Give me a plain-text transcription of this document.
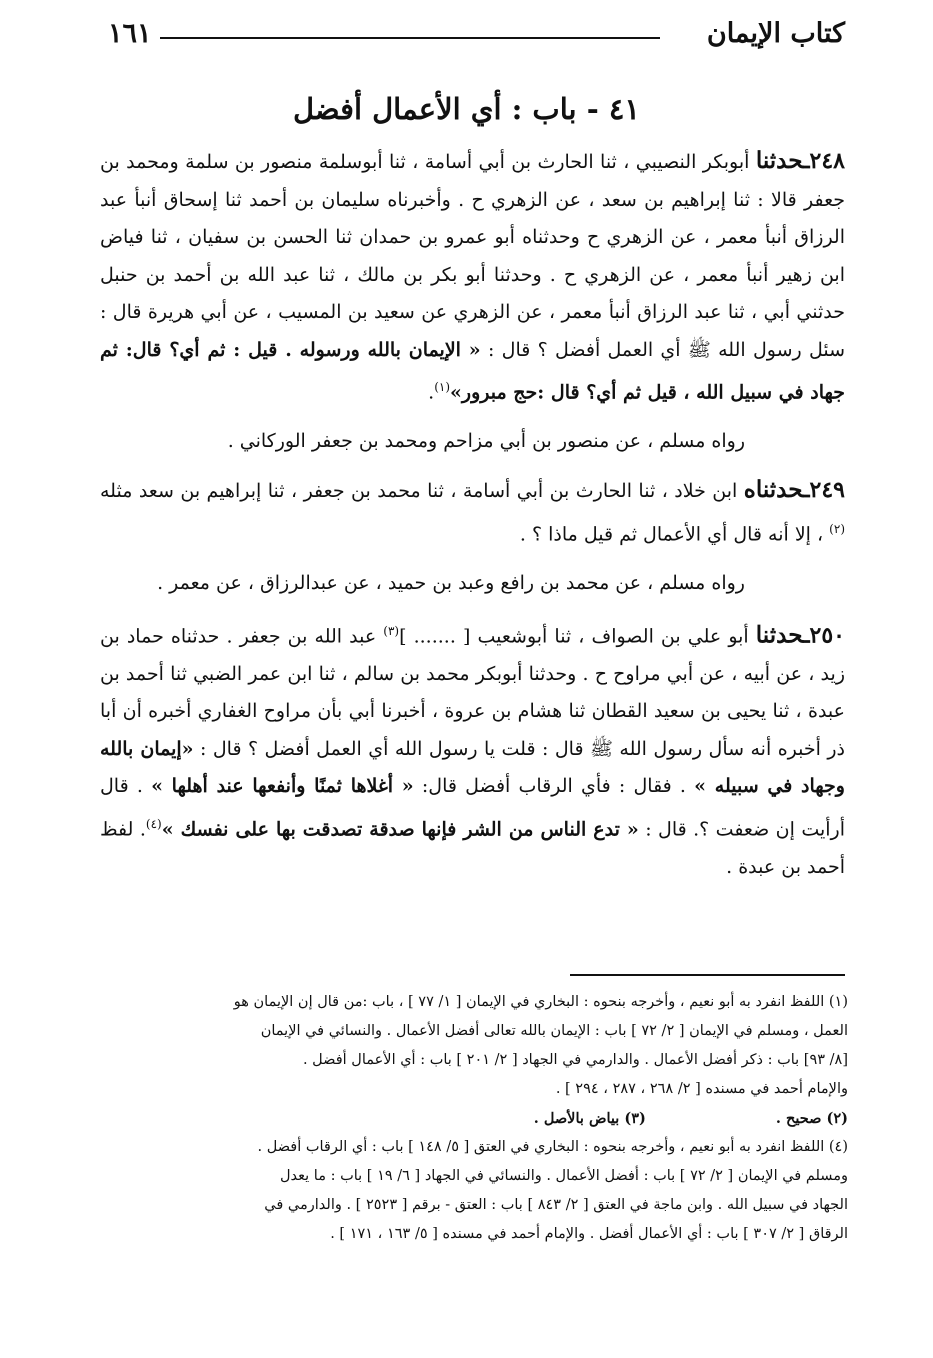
كتاب الإيمان
١٦١
٤١ - باب : أي الأعمال أفضل

٢٤٨ـحدثنا أبوبكر النصيبي ، ثنا الحارث بن أبي أسامة ، ثنا أبوسلمة منصور بن سلمة ومحمد بن جعفر قالا : ثنا إبراهيم بن سعد ، عن الزهري ح . وأخبرناه سليمان بن أحمد ثنا إسحاق أنبأ عبد الرزاق أنبأ معمر ، عن الزهري ح وحدثناه أبو عمرو بن حمدان ثنا الحسن بن سفيان ، ثنا فياض ابن زهير أنبأ معمر ، عن الزهري ح . وحدثنا أبو بكر بن مالك ، ثنا عبد الله بن أحمد بن حنبل حدثني أبي ، ثنا عبد الرزاق أنبأ معمر ، عن الزهري عن سعيد بن المسيب ، عن أبي هريرة قال : سئل رسول الله ﷺ أي العمل أفضل ؟ قال : « الإيمان بالله ورسوله . قيل : ثم أي؟ قال: ثم جهاد في سبيل الله ، قيل ثم أي؟ قال :حج مبرور»$^{(١)}$.

رواه مسلم ، عن منصور بن أبي مزاحم ومحمد بن جعفر الوركاني .

٢٤٩ـحدثناه ابن خلاد ، ثنا الحارث بن أبي أسامة ، ثنا محمد بن جعفر ، ثنا إبراهيم بن سعد مثله $^{(٢)}$ ، إلا أنه قال أي الأعمال ثم قيل ماذا ؟ .

رواه مسلم ، عن محمد بن رافع وعبد بن حميد ، عن عبدالرزاق ، عن معمر .

٢٥٠ـحدثنا أبو علي بن الصواف ، ثنا أبوشعيب [ ....... ]$^{(٣)}$ عبد الله بن جعفر . حدثناه حماد بن زيد ، عن أبيه ، عن أبي مراوح ح . وحدثنا أبوبكر محمد بن سالم ، ثنا ابن عمر الضبي ثنا أحمد بن عبدة ، ثنا يحيى بن سعيد القطان ثنا هشام بن عروة ، أخبرنا أبي بأن مراوح الغفاري أخبره أن أبا ذر أخبره أنه سأل رسول الله ﷺ قال : قلت يا رسول الله أي العمل أفضل ؟ قال : «إيمان بالله وجهاد في سبيله » . فقال : فأي الرقاب أفضل قال: « أغلاها ثمنًا وأنفعها عند أهلها » . قال أرأيت إن ضعفت ؟. قال : « تدع الناس من الشر فإنها صدقة تصدقت بها على نفسك »$^{(٤)}$. لفظ أحمد بن عبدة .

(١) اللفظ انفرد به أبو نعيم ، وأخرجه بنحوه : البخاري في الإيمان [ ١/ ٧٧ ] ، باب :من قال إن الإيمان هو

العمل ، ومسلم في الإيمان [ ٢/ ٧٢ ] باب : الإيمان بالله تعالى أفضل الأعمال . والنسائي في الإيمان

[٨/ ٩٣] باب : ذكر أفضل الأعمال . والدارمي في الجهاد [ ٢/ ٢٠١ ] باب : أي الأعمال أفضل .

والإمام أحمد في مسنده [ ٢/ ٢٦٨ ، ٢٨٧ ، ٢٩٤ ] .

(٢) صحيح .
(٣) بياض بالأصل .

(٤) اللفظ انفرد به أبو نعيم ، وأخرجه بنحوه : البخاري في العتق [ ٥/ ١٤٨ ] باب : أي الرقاب أفضل .

ومسلم في الإيمان [ ٢/ ٧٢ ] باب : أفضل الأعمال . والنسائي في الجهاد [ ٦/ ١٩ ] باب : ما يعدل

الجهاد في سبيل الله . وابن ماجة في العتق [ ٢/ ٨٤٣ ] باب : العتق - برقم [ ٢٥٢٣ ] . والدارمي في

الرقاق [ ٢/ ٣٠٧ ] باب : أي الأعمال أفضل . والإمام أحمد في مسنده [ ٥/ ١٦٣ ، ١٧١ ] .
